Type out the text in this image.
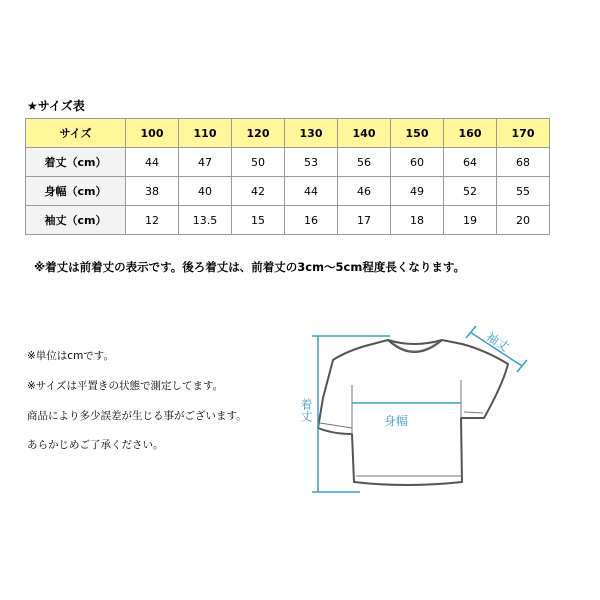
★サイズ表
サイズ	100	110	120	130	140	150	160	170
着丈（cm）	44	47	50	53	56	60	64	68
身幅（cm）	38	40	42	44	46	49	52	55
袖丈（cm）	12	13.5	15	16	17	18	19	20
※着丈は前着丈の表示です。後ろ着丈は、前着丈の3cm～5cm程度長くなります。
※単位はcmです。
※サイズは平置きの状態で測定してます。
商品により多少誤差が生じる事がございます。
あらかじめご了承ください。
着丈	身幅
袖丈
